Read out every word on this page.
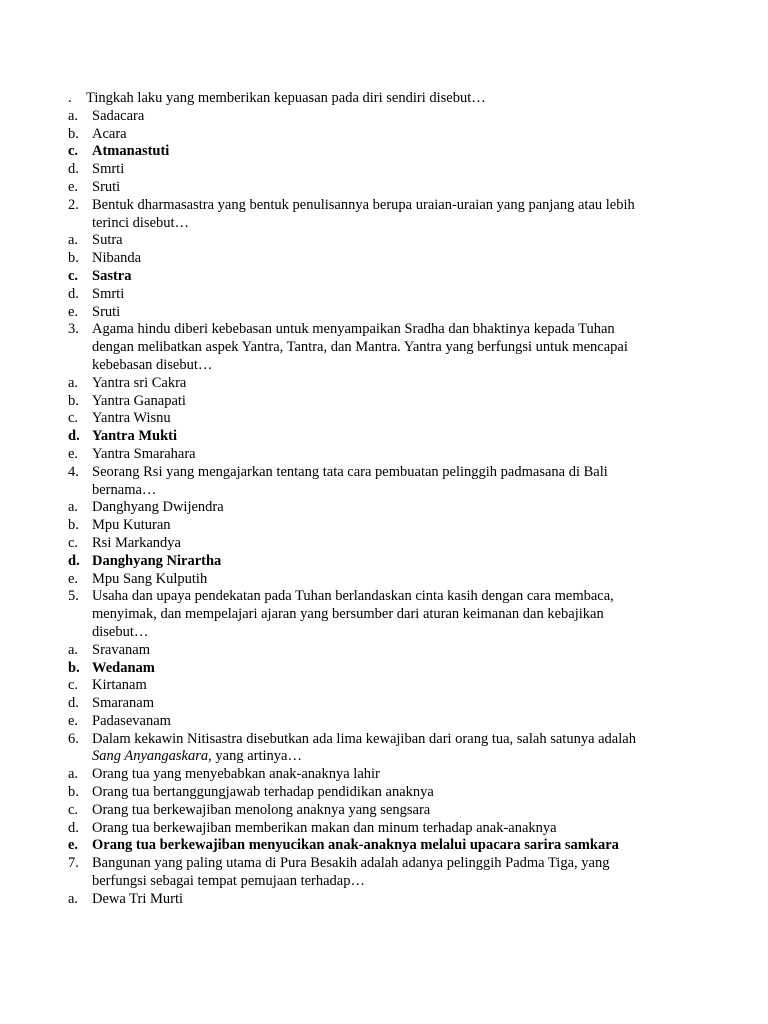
. Tingkah laku yang memberikan kepuasan pada diri sendiri disebut…
a. Sadacara
b. Acara
c. Atmanastuti
d. Smrti
e. Sruti
2. Bentuk dharmasastra yang bentuk penulisannya berupa uraian-uraian yang panjang atau lebih
terinci disebut…
a. Sutra
b. Nibanda
c. Sastra
d. Smrti
e. Sruti
3. Agama hindu diberi kebebasan untuk menyampaikan Sradha dan bhaktinya kepada Tuhan
dengan melibatkan aspek Yantra, Tantra, dan Mantra. Yantra yang berfungsi untuk mencapai
kebebasan disebut…
a. Yantra sri Cakra
b. Yantra Ganapati
c. Yantra Wisnu
d. Yantra Mukti
e. Yantra Smarahara
4. Seorang Rsi yang mengajarkan tentang tata cara pembuatan pelinggih padmasana di Bali
bernama…
a. Danghyang Dwijendra
b. Mpu Kuturan
c. Rsi Markandya
d. Danghyang Nirartha
e. Mpu Sang Kulputih
5. Usaha dan upaya pendekatan pada Tuhan berlandaskan cinta kasih dengan cara membaca,
menyimak, dan mempelajari ajaran yang bersumber dari aturan keimanan dan kebajikan
disebut…
a. Sravanam
b. Wedanam
c. Kirtanam
d. Smaranam
e. Padasevanam
6. Dalam kekawin Nitisastra disebutkan ada lima kewajiban dari orang tua, salah satunya adalah
Sang Anyangaskara, yang artinya…
a. Orang tua yang menyebabkan anak-anaknya lahir
b. Orang tua bertanggungjawab terhadap pendidikan anaknya
c. Orang tua berkewajiban menolong anaknya yang sengsara
d. Orang tua berkewajiban memberikan makan dan minum terhadap anak-anaknya
e. Orang tua berkewajiban menyucikan anak-anaknya melalui upacara sarira samkara
7. Bangunan yang paling utama di Pura Besakih adalah adanya pelinggih Padma Tiga, yang
berfungsi sebagai tempat pemujaan terhadap…
a. Dewa Tri Murti
